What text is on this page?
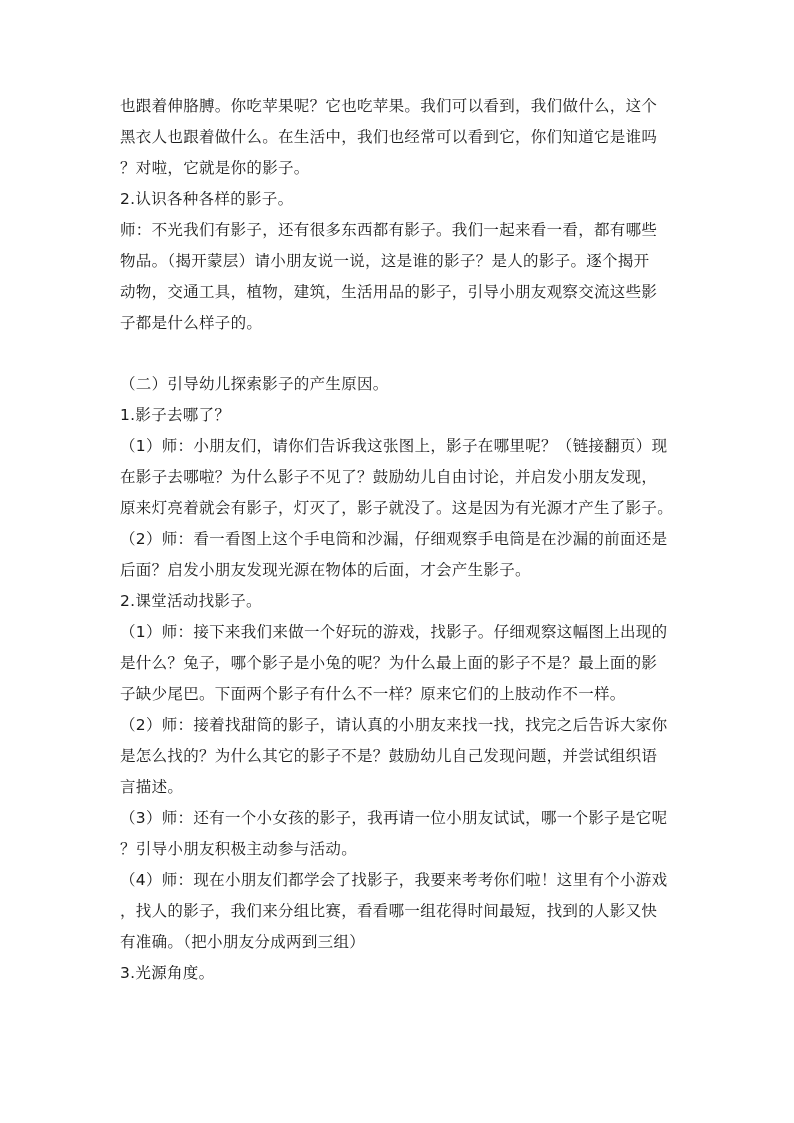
也跟着伸胳膊。你吃苹果呢？它也吃苹果。我们可以看到，我们做什么，这个
黑衣人也跟着做什么。在生活中，我们也经常可以看到它，你们知道它是谁吗
？对啦，它就是你的影子。
2.认识各种各样的影子。
师：不光我们有影子，还有很多东西都有影子。我们一起来看一看，都有哪些
物品。（揭开蒙层）请小朋友说一说，这是谁的影子？是人的影子。逐个揭开
动物，交通工具，植物，建筑，生活用品的影子，引导小朋友观察交流这些影
子都是什么样子的。
（二）引导幼儿探索影子的产生原因。
1.影子去哪了？
（1）师：小朋友们，请你们告诉我这张图上，影子在哪里呢？（链接翻页）现
在影子去哪啦？为什么影子不见了？鼓励幼儿自由讨论，并启发小朋友发现，
原来灯亮着就会有影子，灯灭了，影子就没了。这是因为有光源才产生了影子。
（2）师：看一看图上这个手电筒和沙漏，仔细观察手电筒是在沙漏的前面还是
后面？启发小朋友发现光源在物体的后面，才会产生影子。
2.课堂活动找影子。
（1）师：接下来我们来做一个好玩的游戏，找影子。仔细观察这幅图上出现的
是什么？兔子，哪个影子是小兔的呢？为什么最上面的影子不是？最上面的影
子缺少尾巴。下面两个影子有什么不一样？原来它们的上肢动作不一样。
（2）师：接着找甜筒的影子，请认真的小朋友来找一找，找完之后告诉大家你
是怎么找的？为什么其它的影子不是？鼓励幼儿自己发现问题，并尝试组织语
言描述。
（3）师：还有一个小女孩的影子，我再请一位小朋友试试，哪一个影子是它呢
？引导小朋友积极主动参与活动。
（4）师：现在小朋友们都学会了找影子，我要来考考你们啦！这里有个小游戏
，找人的影子，我们来分组比赛，看看哪一组花得时间最短，找到的人影又快
有准确。（把小朋友分成两到三组）
3.光源角度。
